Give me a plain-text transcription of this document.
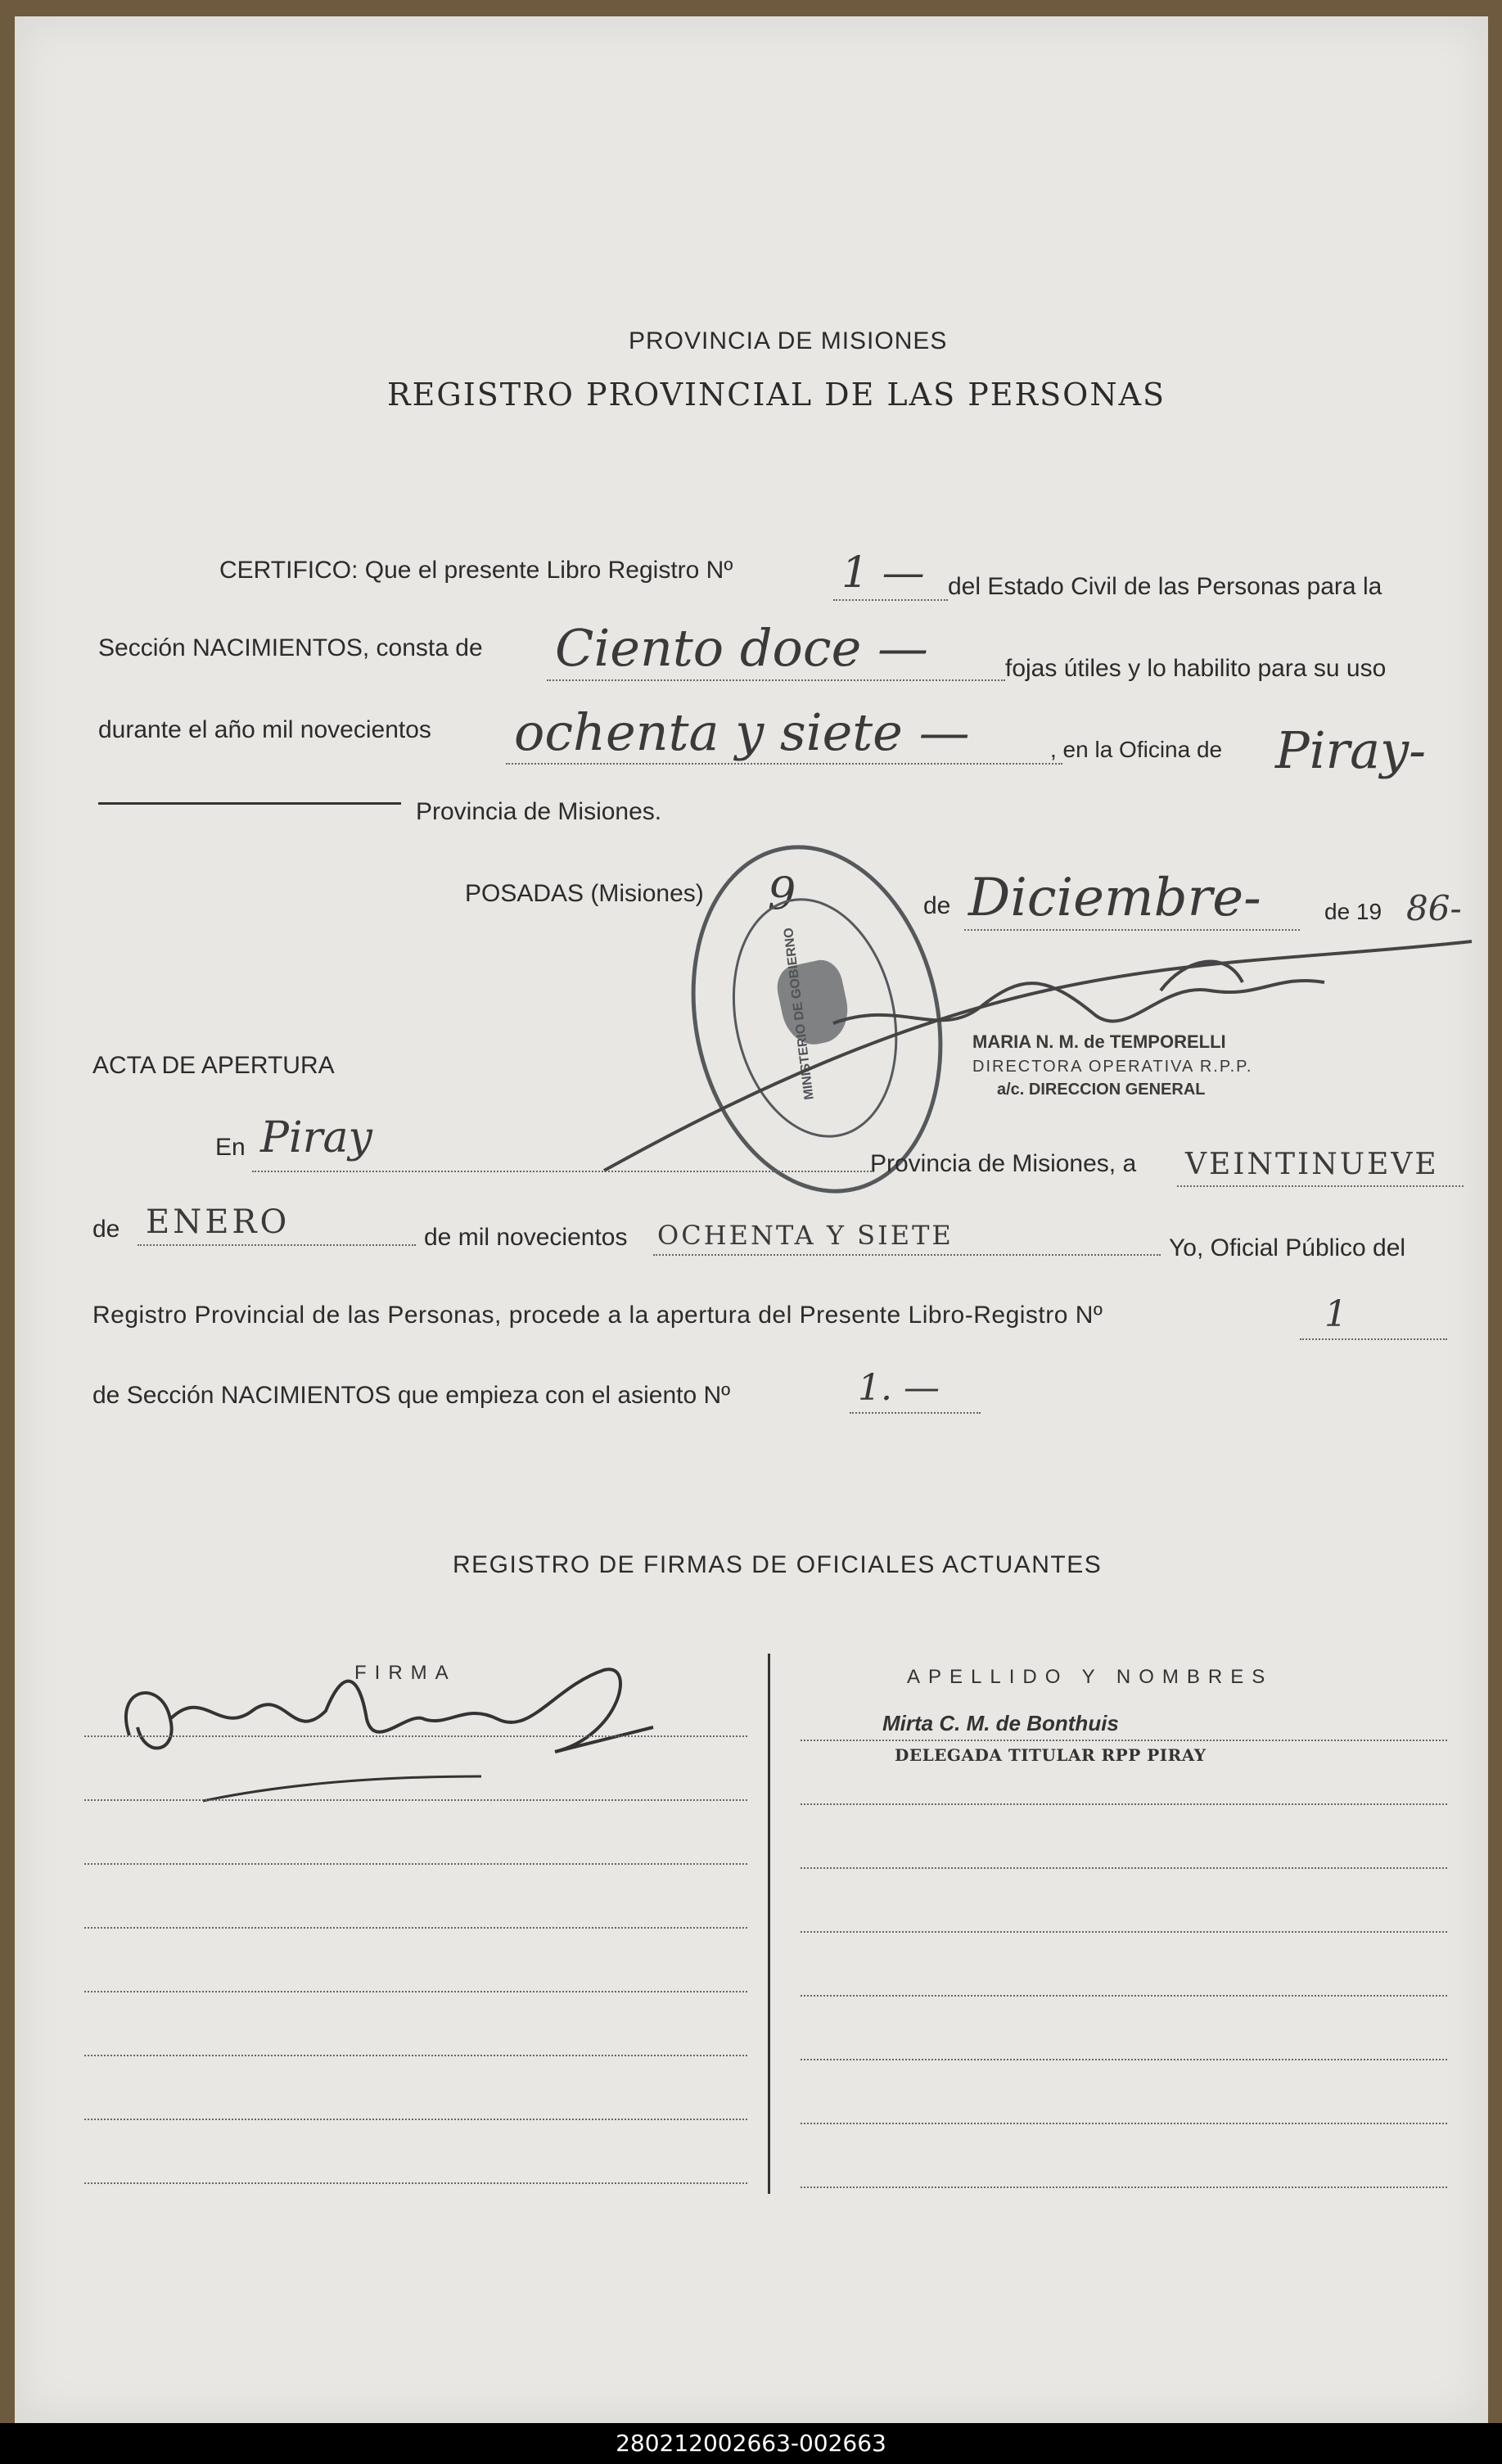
PROVINCIA DE MISIONES
REGISTRO PROVINCIAL DE LAS PERSONAS
CERTIFICO: Que el presente Libro Registro Nº	1 — del Estado Civil de las Personas para la
Sección NACIMIENTOS, consta de Ciento doce —	fojas útiles y lo habilito para su uso
durante el año mil novecientos ochenta y siete —	, en la Oficina de Piray-
Provincia de Misiones.
POSADAS (Misiones) 9	de Diciembre-	de 19 86-
MINISTERIO DE GOBIERNO	MARIA N. M. de TEMPORELLI
DIRECTORA OPERATIVA R.P.P.
a/c. DIRECCION GENERAL
ACTA DE APERTURA
En Piray
Provincia de Misiones, a VEINTINUEVE
de ENERO	de mil novecientos OCHENTA Y SIETE	Yo, Oficial Público del
Registro Provincial de las Personas, procede a la apertura del Presente Libro-Registro Nº	1
de Sección NACIMIENTOS que empieza con el asiento Nº	1. —
REGISTRO DE FIRMAS DE OFICIALES ACTUANTES
FIRMA	APELLIDO Y NOMBRES
Mirta C. M. de Bonthuis
DELEGADA TITULAR RPP PIRAY
280212002663-002663
